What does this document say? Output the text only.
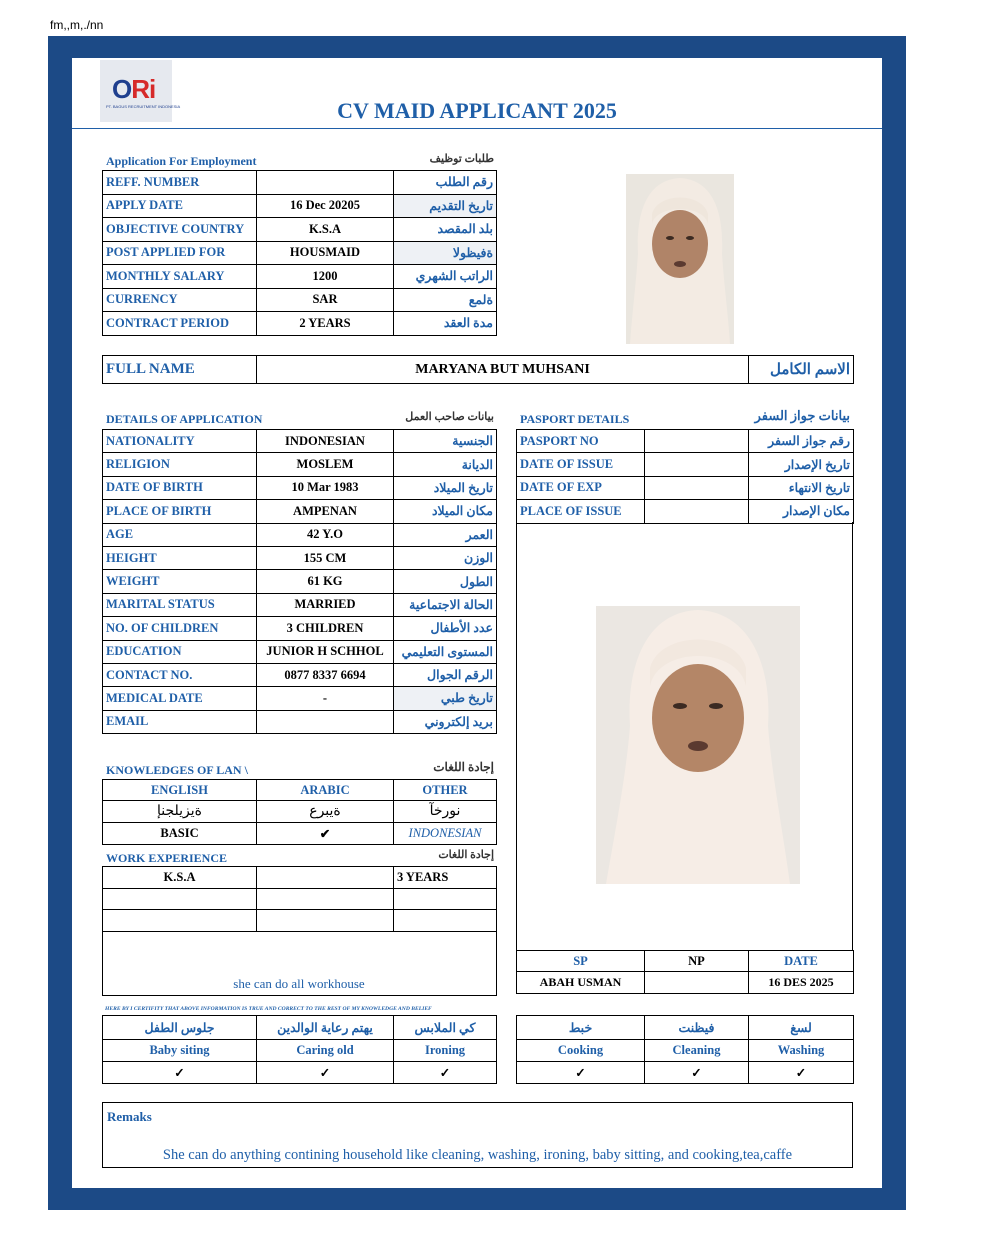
fm,,m,./nn
ORi
PT. BAGUS RECRUITMENT INDONESIA	CV MAID APPLICANT 2025
Application For Employment	طلبات توظيف
REFF. NUMBER		رقم الطلب
APPLY DATE	16 Dec 20205	تاريخ التقديم
OBJECTIVE COUNTRY	K.S.A	بلد المقصد
POST APPLIED FOR	HOUSMAID	ةفيظولا
MONTHLY SALARY	1200	الراتب الشهري
CURRENCY	SAR	ةلمع
CONTRACT PERIOD	2 YEARS	مدة العقد
FULL NAME	MARYANA BUT MUHSANI	الاسم الكامل
DETAILS OF APPLICATION	بيانات صاحب العمل
NATIONALITY	INDONESIAN	الجنسية
RELIGION	MOSLEM	الديانة
DATE OF BIRTH	10 Mar 1983	تاريخ الميلاد
PLACE OF BIRTH	AMPENAN	مكان الميلاد
AGE	42 Y.O	العمر
HEIGHT	155 CM	الوزن
WEIGHT	61 KG	الطول
MARITAL STATUS	MARRIED	الحالة الاجتماعية
NO. OF CHILDREN	3 CHILDREN	عدد الأطفال
EDUCATION	JUNIOR H SCHHOL	المستوى التعليمي
CONTACT NO.	0877 8337 6694	الرقم الجوال
MEDICAL DATE	-	تاريخ طبي
EMAIL		بريد إلكتروني
PASPORT DETAILS	بيانات جواز السفر
PASPORT NO		رقم جواز السفر
DATE OF ISSUE		تاريخ الإصدار
DATE OF EXP		تاريخ الانتهاء
PLACE OF ISSUE		مكان الإصدار
KNOWLEDGES OF LAN \	إجادة اللغات
ENGLISH	ARABIC	OTHER
ةيزيلجنإ	ةيبرع	نورخآ
BASIC	✔	INDONESIAN
WORK EXPERIENCE	إجادة اللغات
K.S.A		3 YEARS

she can do all workhouse
SP	NP	DATE
ABAH USMAN		16 DES 2025
HERE BY I CERTIFITY THAT ABOVE INFORMATION IS TRUE AND CORRECT TO THE REST OF MY KNOWLEDGE AND BELIEF
جلوس الطفل	يهتم رعاية الوالدين	كي الملابس
Baby siting	Caring old	Ironing
✓	✓	✓
خبط	فيظنت	لسغ
Cooking	Cleaning	Washing
✓	✓	✓
Remaks
She can do anything contining household like cleaning, washing, ironing, baby sitting, and cooking,tea,caffe
